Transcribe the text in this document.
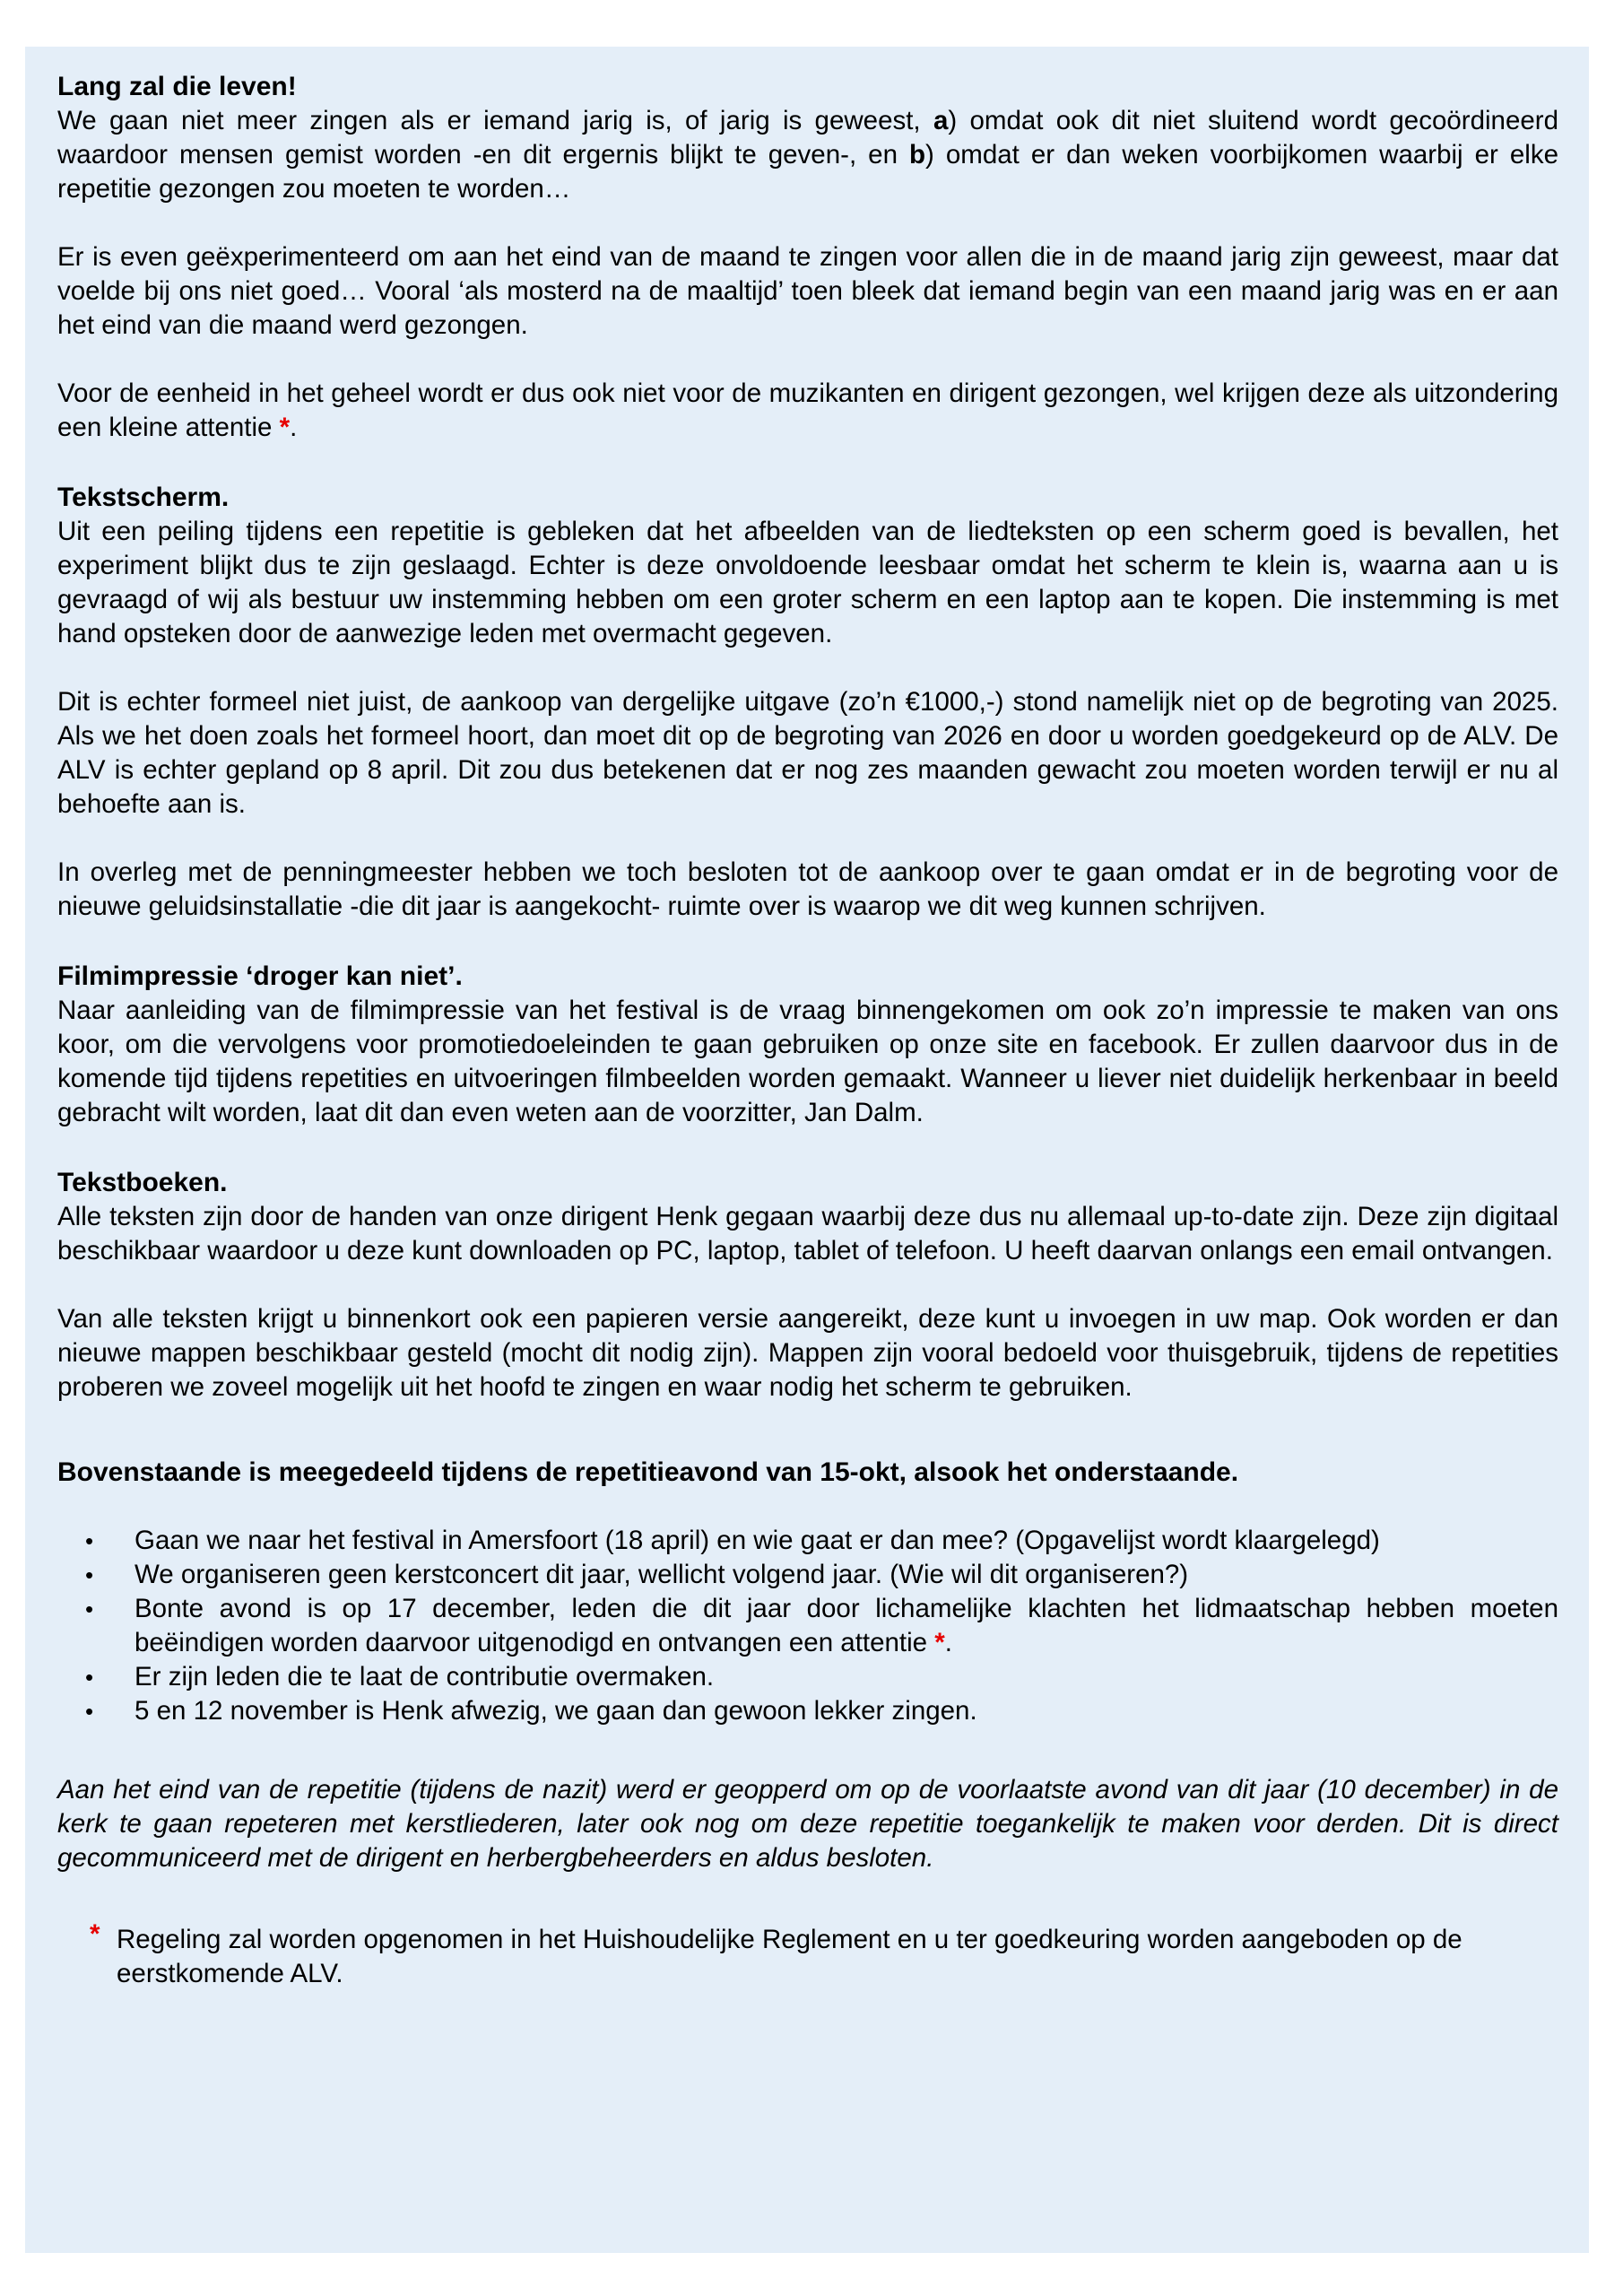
Lang zal die leven!

We gaan niet meer zingen als er iemand jarig is, of jarig is geweest, a) omdat ook dit niet sluitend wordt gecoördineerd waardoor mensen gemist worden -en dit ergernis blijkt te geven-, en b) omdat er dan weken voorbijkomen waarbij er elke repetitie gezongen zou moeten te worden…

Er is even geëxperimenteerd om aan het eind van de maand te zingen voor allen die in de maand jarig zijn geweest, maar dat voelde bij ons niet goed… Vooral ‘als mosterd na de maaltijd’ toen bleek dat iemand begin van een maand jarig was en er aan het eind van die maand werd gezongen.

Voor de eenheid in het geheel wordt er dus ook niet voor de muzikanten en dirigent gezongen, wel krijgen deze als uitzondering een kleine attentie *.

Tekstscherm.

Uit een peiling tijdens een repetitie is gebleken dat het afbeelden van de liedteksten op een scherm goed is bevallen, het experiment blijkt dus te zijn geslaagd. Echter is deze onvoldoende leesbaar omdat het scherm te klein is, waarna aan u is gevraagd of wij als bestuur uw instemming hebben om een groter scherm en een laptop aan te kopen. Die instemming is met hand opsteken door de aanwezige leden met overmacht gegeven.

Dit is echter formeel niet juist, de aankoop van dergelijke uitgave (zo’n €1000,-) stond namelijk niet op de begroting van 2025. Als we het doen zoals het formeel hoort, dan moet dit op de begroting van 2026 en door u worden goedgekeurd op de ALV. De ALV is echter gepland op 8 april. Dit zou dus betekenen dat er nog zes maanden gewacht zou moeten worden terwijl er nu al behoefte aan is.

In overleg met de penningmeester hebben we toch besloten tot de aankoop over te gaan omdat er in de begroting voor de nieuwe geluidsinstallatie -die dit jaar is aangekocht- ruimte over is waarop we dit weg kunnen schrijven.

Filmimpressie ‘droger kan niet’.

Naar aanleiding van de filmimpressie van het festival is de vraag binnengekomen om ook zo’n impressie te maken van ons koor, om die vervolgens voor promotiedoeleinden te gaan gebruiken op onze site en facebook. Er zullen daarvoor dus in de komende tijd tijdens repetities en uitvoeringen filmbeelden worden gemaakt. Wanneer u liever niet duidelijk herkenbaar in beeld gebracht wilt worden, laat dit dan even weten aan de voorzitter, Jan Dalm.

Tekstboeken.

Alle teksten zijn door de handen van onze dirigent Henk gegaan waarbij deze dus nu allemaal up-to-date zijn. Deze zijn digitaal beschikbaar waardoor u deze kunt downloaden op PC, laptop, tablet of telefoon. U heeft daarvan onlangs een email ontvangen.

Van alle teksten krijgt u binnenkort ook een papieren versie aangereikt, deze kunt u invoegen in uw map. Ook worden er dan nieuwe mappen beschikbaar gesteld (mocht dit nodig zijn). Mappen zijn vooral bedoeld voor thuisgebruik, tijdens de repetities proberen we zoveel mogelijk uit het hoofd te zingen en waar nodig het scherm te gebruiken.

Bovenstaande is meegedeeld tijdens de repetitieavond van 15-okt, alsook het onderstaande.

•	Gaan we naar het festival in Amersfoort (18 april) en wie gaat er dan mee? (Opgavelijst wordt klaargelegd)
•	We organiseren geen kerstconcert dit jaar, wellicht volgend jaar. (Wie wil dit organiseren?)
•	Bonte avond is op 17 december, leden die dit jaar door lichamelijke klachten het lidmaatschap hebben moeten beëindigen worden daarvoor uitgenodigd en ontvangen een attentie *.
•	Er zijn leden die te laat de contributie overmaken.
•	5 en 12 november is Henk afwezig, we gaan dan gewoon lekker zingen.

Aan het eind van de repetitie (tijdens de nazit) werd er geopperd om op de voorlaatste avond van dit jaar (10 december) in de kerk te gaan repeteren met kerstliederen, later ook nog om deze repetitie toegankelijk te maken voor derden. Dit is direct gecommuniceerd met de dirigent en herbergbeheerders en aldus besloten.

* Regeling zal worden opgenomen in het Huishoudelijke Reglement en u ter goedkeuring worden aangeboden op de eerstkomende ALV.
